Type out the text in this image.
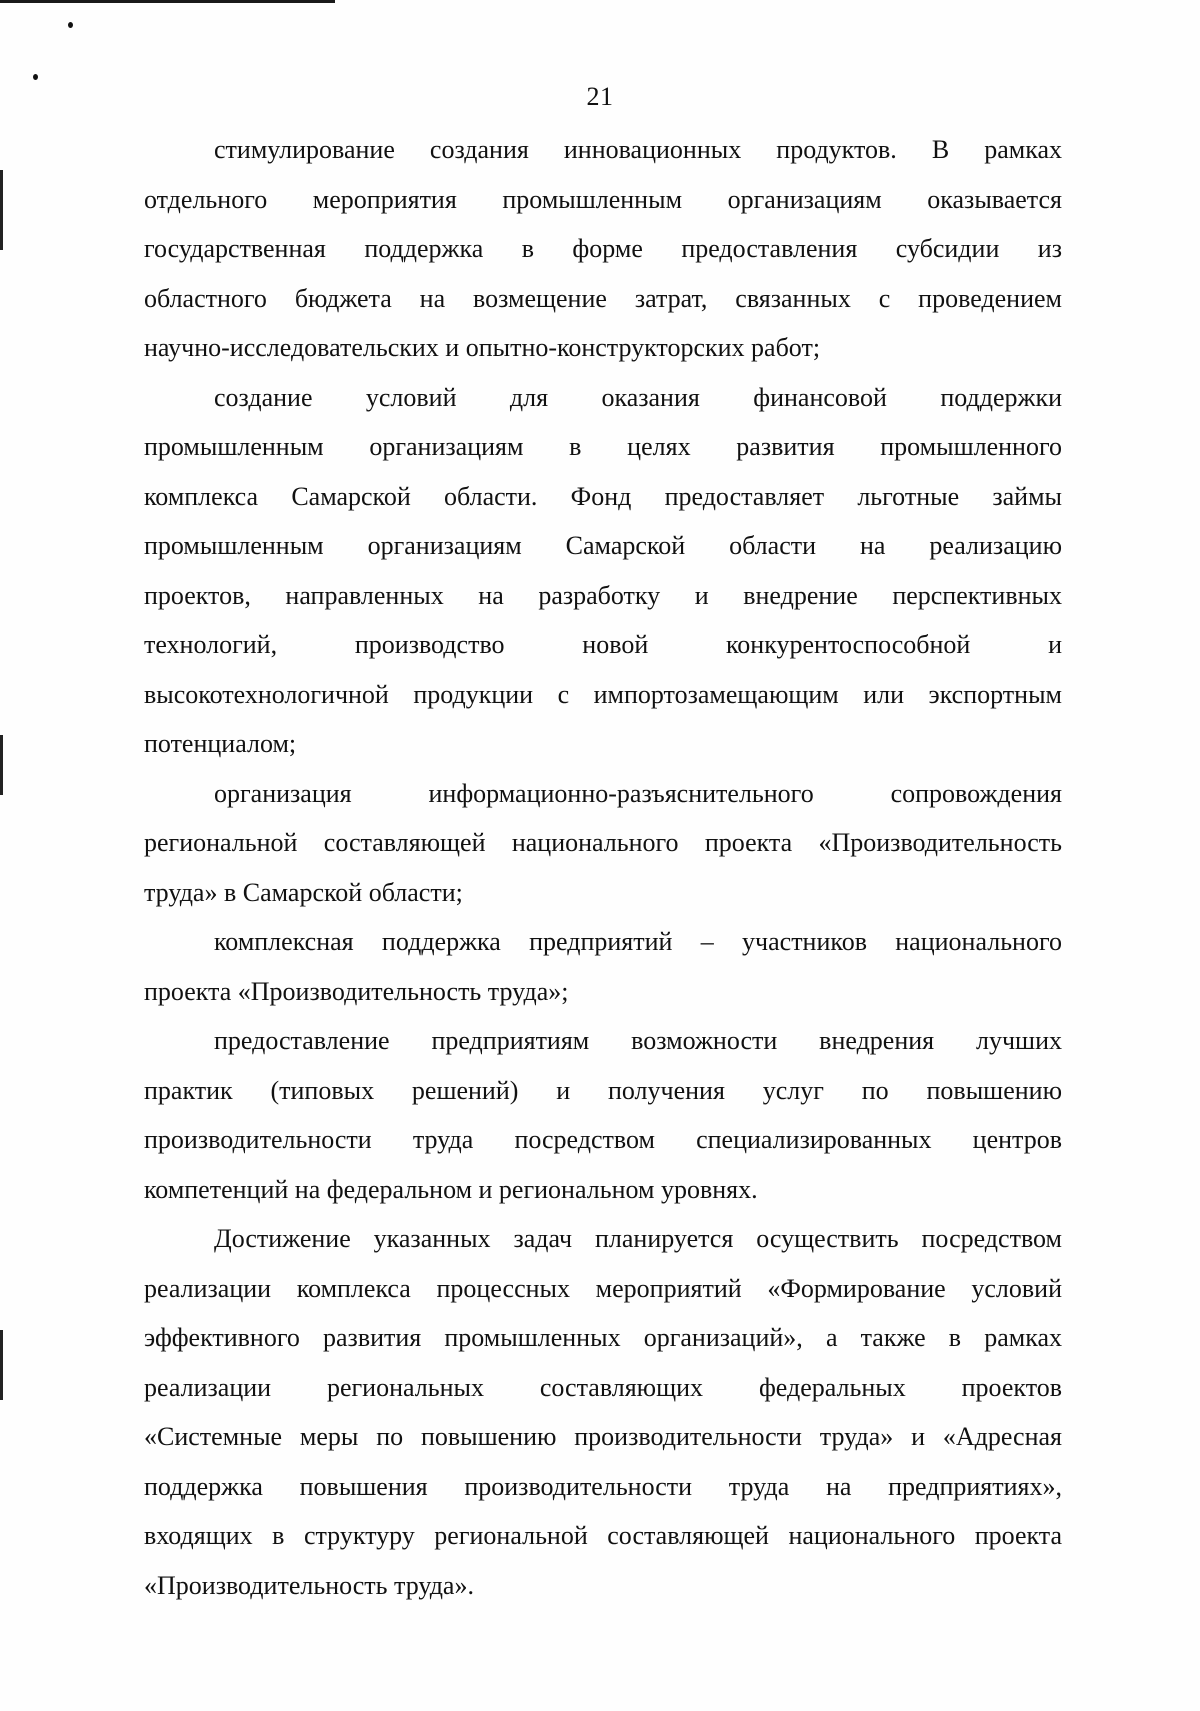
21

стимулирование создания инновационных продуктов. В рамках
отдельного мероприятия промышленным организациям оказывается
государственная поддержка в форме предоставления субсидии из
областного бюджета на возмещение затрат, связанных с проведением
научно-исследовательских и опытно-конструкторских работ;

создание условий для оказания финансовой поддержки
промышленным организациям в целях развития промышленного
комплекса Самарской области. Фонд предоставляет льготные займы
промышленным организациям Самарской области на реализацию
проектов, направленных на разработку и внедрение перспективных
технологий, производство новой конкурентоспособной и
высокотехнологичной продукции с импортозамещающим или экспортным
потенциалом;

организация информационно-разъяснительного сопровождения
региональной составляющей национального проекта «Производительность
труда» в Самарской области;

комплексная поддержка предприятий – участников национального
проекта «Производительность труда»;

предоставление предприятиям возможности внедрения лучших
практик (типовых решений) и получения услуг по повышению
производительности труда посредством специализированных центров
компетенций на федеральном и региональном уровнях.

Достижение указанных задач планируется осуществить посредством
реализации комплекса процессных мероприятий «Формирование условий
эффективного развития промышленных организаций», а также в рамках
реализации региональных составляющих федеральных проектов
«Системные меры по повышению производительности труда» и «Адресная
поддержка повышения производительности труда на предприятиях»,
входящих в структуру региональной составляющей национального проекта
«Производительность труда».
